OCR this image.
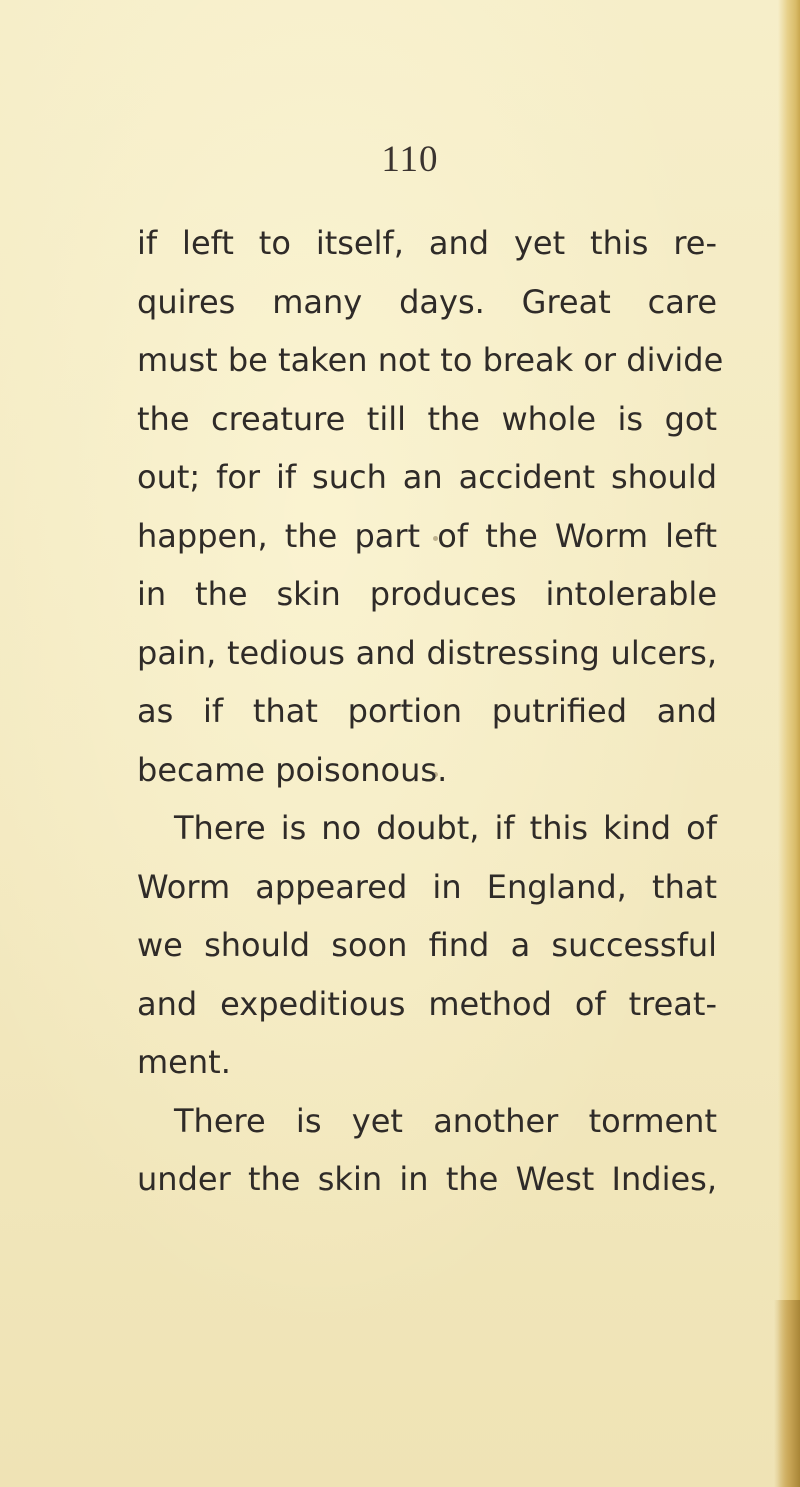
110
if left to itself, and yet this re-
quires many days. Great care
must be taken not to break or divide
the creature till the whole is got
out; for if such an accident should
happen, the part of the Worm left
in the skin produces intolerable
pain, tedious and distressing ulcers,
as if that portion putrified and
became poisonous.
There is no doubt, if this kind of
Worm appeared in England, that
we should soon find a successful
and expeditious method of treat-
ment.
There is yet another torment
under the skin in the West Indies,
